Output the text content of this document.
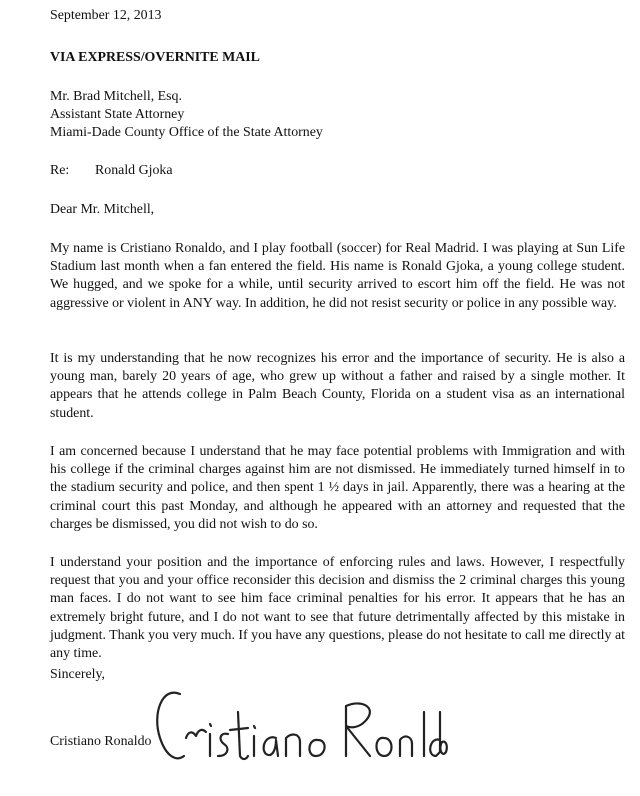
September 12, 2013
VIA EXPRESS/OVERNITE MAIL
Mr. Brad Mitchell, Esq.
Assistant State Attorney
Miami-Dade County Office of the State Attorney
Re: Ronald Gjoka
Dear Mr. Mitchell,
My name is Cristiano Ronaldo, and I play football (soccer) for Real Madrid. I was playing at Sun Life Stadium last month when a fan entered the field. His name is Ronald Gjoka, a young college student. We hugged, and we spoke for a while, until security arrived to escort him off the field. He was not aggressive or violent in ANY way. In addition, he did not resist security or police in any possible way.
It is my understanding that he now recognizes his error and the importance of security. He is also a young man, barely 20 years of age, who grew up without a father and raised by a single mother. It appears that he attends college in Palm Beach County, Florida on a student visa as an international student.
I am concerned because I understand that he may face potential problems with Immigration and with his college if the criminal charges against him are not dismissed. He immediately turned himself in to the stadium security and police, and then spent 1 ½ days in jail. Apparently, there was a hearing at the criminal court this past Monday, and although he appeared with an attorney and requested that the charges be dismissed, you did not wish to do so.
I understand your position and the importance of enforcing rules and laws. However, I respectfully request that you and your office reconsider this decision and dismiss the 2 criminal charges this young man faces. I do not want to see him face criminal penalties for his error. It appears that he has an extremely bright future, and I do not want to see that future detrimentally affected by this mistake in judgment. Thank you very much. If you have any questions, please do not hesitate to call me directly at any time.
Sincerely,
Cristiano Ronaldo
